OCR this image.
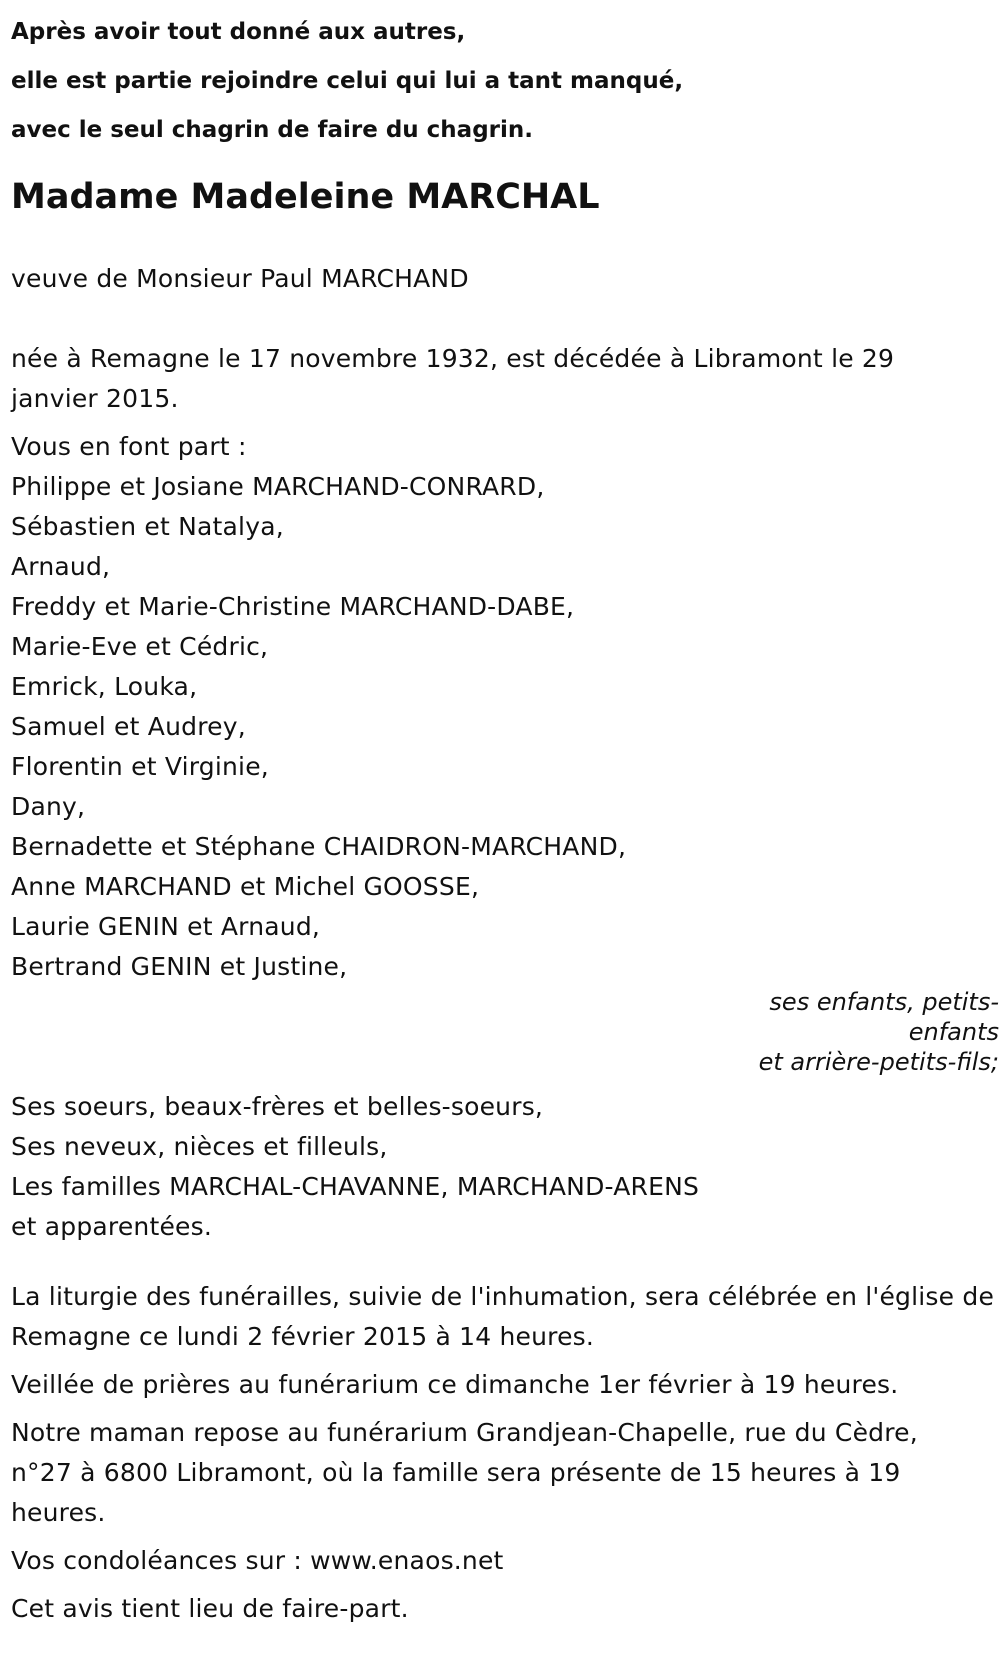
Après avoir tout donné aux autres,
elle est partie rejoindre celui qui lui a tant manqué,
avec le seul chagrin de faire du chagrin.
Madame Madeleine MARCHAL
veuve de Monsieur Paul MARCHAND
née à Remagne le 17 novembre 1932, est décédée à Libramont le 29 janvier 2015.
Vous en font part :
Philippe et Josiane MARCHAND-CONRARD,
Sébastien et Natalya,
Arnaud,
Freddy et Marie-Christine MARCHAND-DABE,
Marie-Eve et Cédric,
Emrick, Louka,
Samuel et Audrey,
Florentin et Virginie,
Dany,
Bernadette et Stéphane CHAIDRON-MARCHAND,
Anne MARCHAND et Michel GOOSSE,
Laurie GENIN et Arnaud,
Bertrand GENIN et Justine,
ses enfants, petits-
enfants
et arrière-petits-fils;
Ses soeurs, beaux-frères et belles-soeurs,
Ses neveux, nièces et filleuls,
Les familles MARCHAL-CHAVANNE, MARCHAND-ARENS
et apparentées.
La liturgie des funérailles, suivie de l'inhumation, sera célébrée en l'église de Remagne ce lundi 2 février 2015 à 14 heures.
Veillée de prières au funérarium ce dimanche 1er février à 19 heures.
Notre maman repose au funérarium Grandjean-Chapelle, rue du Cèdre, n°27 à 6800 Libramont, où la famille sera présente de 15 heures à 19 heures.
Vos condoléances sur : www.enaos.net
Cet avis tient lieu de faire-part.
